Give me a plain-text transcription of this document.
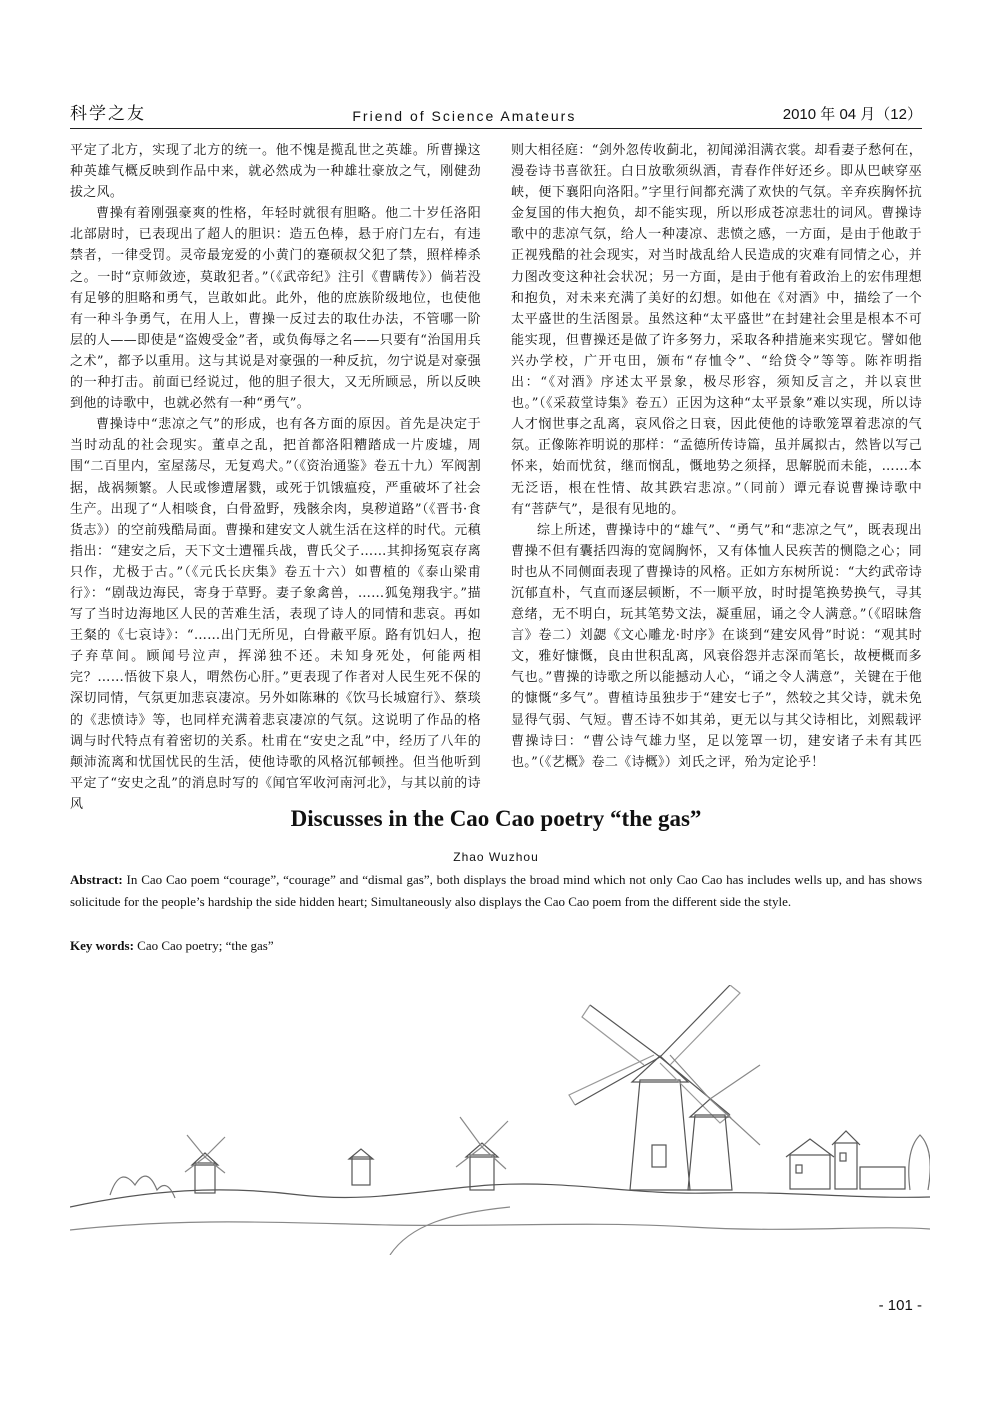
科学之友	Friend of Science Amateurs	2010 年 04 月（12）

平定了北方，实现了北方的统一。他不愧是揽乱世之英雄。所曹操这种英雄气概反映到作品中来，就必然成为一种雄壮豪放之气，刚健劲拔之风。

曹操有着刚强豪爽的性格，年轻时就很有胆略。他二十岁任洛阳北部尉时，已表现出了超人的胆识：造五色棒，悬于府门左右，有违禁者，一律受罚。灵帝最宠爱的小黄门的蹇硕叔父犯了禁，照样棒杀之。一时“京师敛迹，莫敢犯者。”（《武帝纪》注引《曹瞒传》）倘若没有足够的胆略和勇气，岂敢如此。此外，他的庶族阶级地位，也使他有一种斗争勇气，在用人上，曹操一反过去的取仕办法，不管哪一阶层的人——即使是“盗嫂受金”者，或负侮辱之名——只要有“治国用兵之术”，都予以重用。这与其说是对豪强的一种反抗，勿宁说是对豪强的一种打击。前面已经说过，他的胆子很大，又无所顾忌，所以反映到他的诗歌中，也就必然有一种“勇气”。

曹操诗中“悲凉之气”的形成，也有各方面的原因。首先是决定于当时动乱的社会现实。董卓之乱，把首都洛阳糟踏成一片废墟，周围“二百里内，室屋荡尽，无复鸡犬。”（《资治通鉴》卷五十九）军阀割据，战祸频繁。人民或惨遭屠戮，或死于饥饿瘟疫，严重破坏了社会生产。出现了“人相啖食，白骨盈野，残骸余肉，臭秽道路”（《晋书·食货志》）的空前残酷局面。曹操和建安文人就生活在这样的时代。元稹指出：“建安之后，天下文士遭罹兵战，曹氏父子……其抑扬冤哀存离只作，尤极于古。”（《元氏长庆集》卷五十六）如曹植的《泰山梁甫行》：“剧哉边海民，寄身于草野。妻子象禽兽，……狐兔翔我宇。”描写了当时边海地区人民的苦难生活，表现了诗人的同情和悲哀。再如王粲的《七哀诗》：“……出门无所见，白骨蔽平原。路有饥妇人，抱子弃草间。顾闻号泣声，挥涕独不还。未知身死处，何能两相完？……悟彼下泉人，喟然伤心肝。”更表现了作者对人民生死不保的深切同情，气氛更加悲哀凄凉。另外如陈琳的《饮马长城窟行》、蔡琰的《悲愤诗》等，也同样充满着悲哀凄凉的气氛。这说明了作品的格调与时代特点有着密切的关系。杜甫在“安史之乱”中，经历了八年的颠沛流离和忧国忧民的生活，使他诗歌的风格沉郁顿挫。但当他听到平定了“安史之乱”的消息时写的《闻官军收河南河北》，与其以前的诗风

则大相径庭：“剑外忽传收蓟北，初闻涕泪满衣裳。却看妻子愁何在，漫卷诗书喜欲狂。白日放歌须纵酒，青春作伴好还乡。即从巴峡穿巫峡，便下襄阳向洛阳。”字里行间都充满了欢快的气氛。辛弃疾胸怀抗金复国的伟大抱负，却不能实现，所以形成苍凉悲壮的词风。曹操诗歌中的悲凉气氛，给人一种凄凉、悲愤之感，一方面，是由于他敢于正视残酷的社会现实，对当时战乱给人民造成的灾难有同情之心，并力图改变这种社会状况；另一方面，是由于他有着政治上的宏伟理想和抱负，对未来充满了美好的幻想。如他在《对酒》中，描绘了一个太平盛世的生活图景。虽然这种“太平盛世”在封建社会里是根本不可能实现，但曹操还是做了许多努力，采取各种措施来实现它。譬如他兴办学校，广开屯田，颁布“存恤令”、“给贷令”等等。陈祚明指出：“《对酒》序述太平景象，极尽形容，须知反言之，并以哀世也。”（《采菽堂诗集》卷五）正因为这种“太平景象”难以实现，所以诗人才悯世事之乱离，哀风俗之日衰，因此使他的诗歌笼罩着悲凉的气氛。正像陈祚明说的那样：“孟德所传诗篇，虽并属拟古，然皆以写己怀来，始而忧贫，继而悯乱，慨地势之须择，思解脱而未能，……本无泛语，根在性情、故其跌宕悲凉。”（同前）谭元春说曹操诗歌中有“菩萨气”，是很有见地的。

综上所述，曹操诗中的“雄气”、“勇气”和“悲凉之气”，既表现出曹操不但有囊括四海的宽阔胸怀，又有体恤人民疾苦的恻隐之心；同时也从不同侧面表现了曹操诗的风格。正如方东树所说：“大约武帝诗沉郁直朴，气直而逐层顿断，不一顺平放，时时提笔换势换气，寻其意绪，无不明白，玩其笔势文法，凝重屈，诵之令人满意。”（《昭昧詹言》卷二）刘勰《文心雕龙·时序》在谈到“建安风骨”时说：“观其时文，雅好慷慨，良由世积乱离，风衰俗怨并志深而笔长，故梗概而多气也。”曹操的诗歌之所以能撼动人心，“诵之令人满意”，关键在于他的慷慨“多气”。曹植诗虽独步于“建安七子”，然较之其父诗，就未免显得气弱、气短。曹丕诗不如其弟，更无以与其父诗相比，刘熙载评曹操诗曰：“曹公诗气雄力坚，足以笼罩一切，建安诸子未有其匹也。”（《艺概》卷二《诗概》）刘氏之评，殆为定论乎！

Discusses in the Cao Cao poetry “the gas”
Zhao Wuzhou
Abstract: In Cao Cao poem “courage”, “courage” and “dismal gas”, both displays the broad mind which not only Cao Cao has includes wells up, and has shows solicitude for the people’s hardship the side hidden heart; Simultaneously also displays the Cao Cao poem from the different side the style.
Key words: Cao Cao poetry; “the gas”
- 101 -
